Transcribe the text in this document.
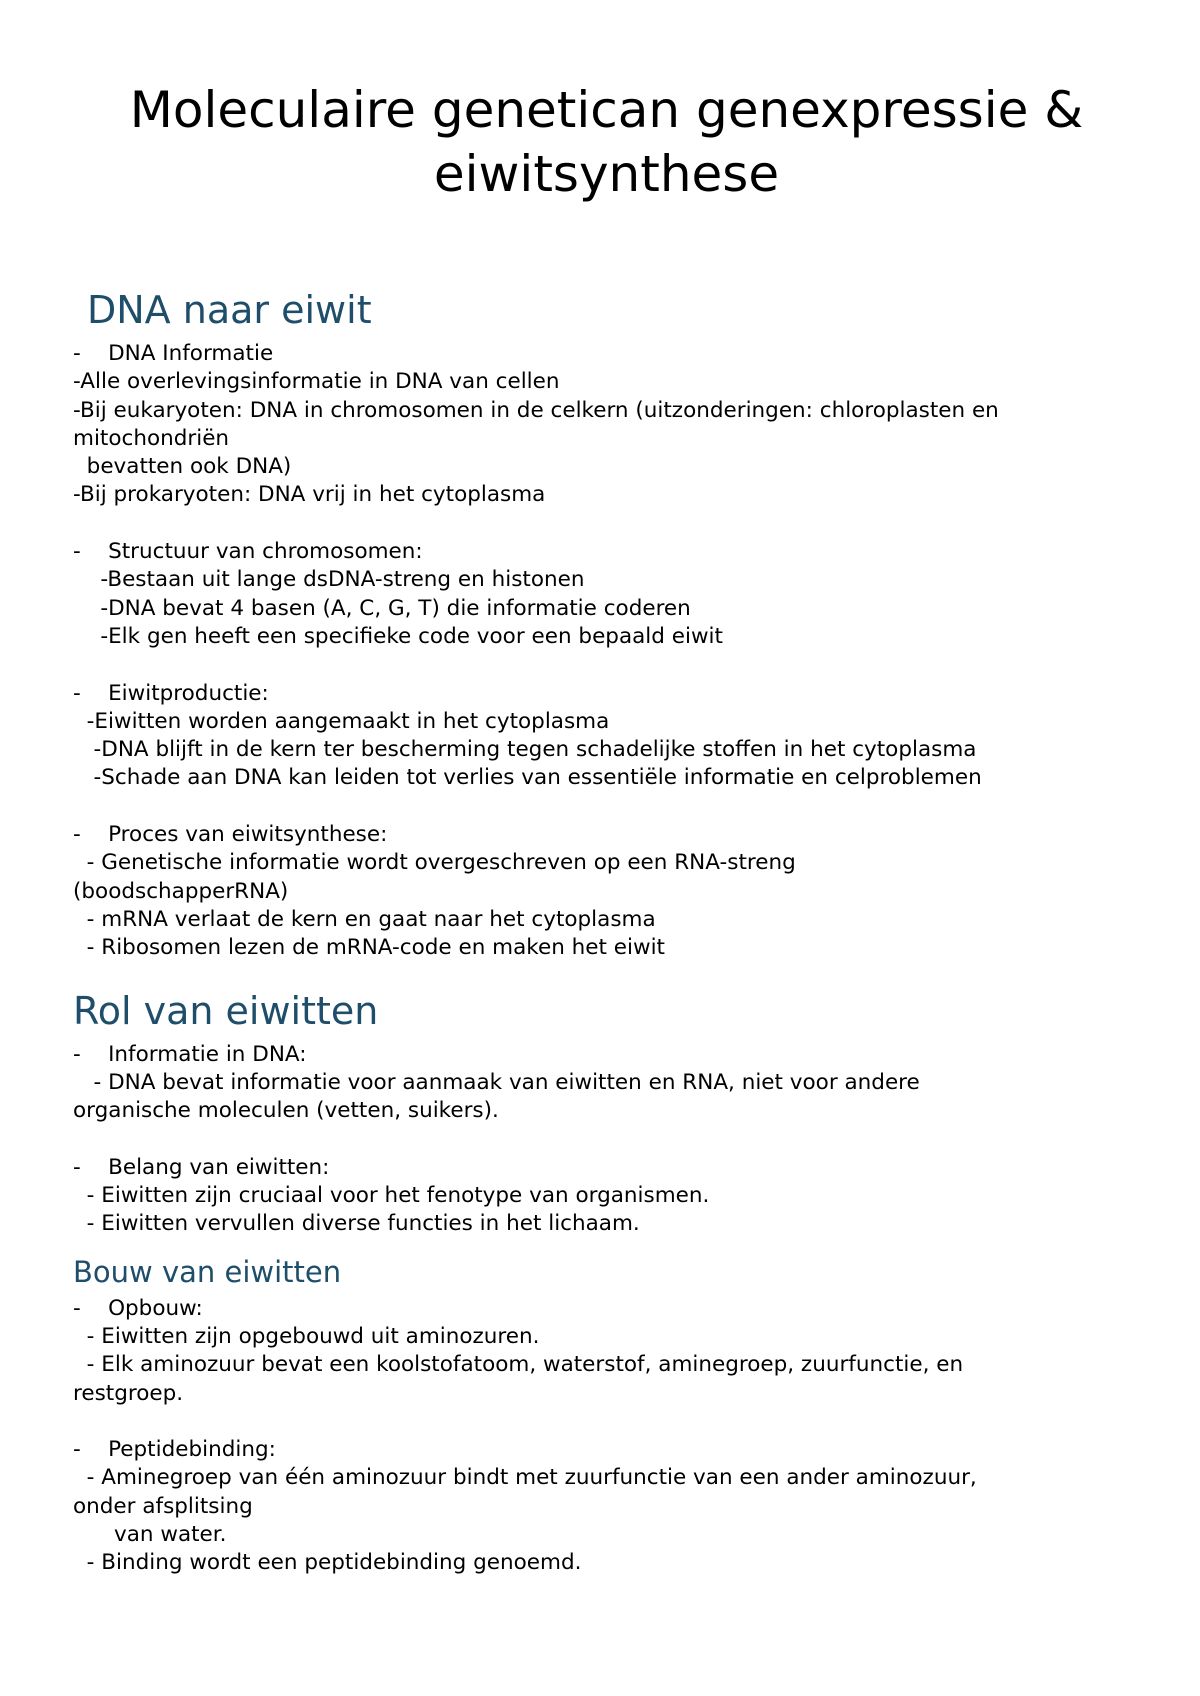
Moleculaire genetican genexpressie &
eiwitsynthese
DNA naar eiwit

-    DNA Informatie

-Alle overlevingsinformatie in DNA van cellen

-Bij eukaryoten: DNA in chromosomen in de celkern (uitzonderingen: chloroplasten en

mitochondriën

bevatten ook DNA)

-Bij prokaryoten: DNA vrij in het cytoplasma

-    Structuur van chromosomen:

-Bestaan uit lange dsDNA-streng en histonen

-DNA bevat 4 basen (A, C, G, T) die informatie coderen

-Elk gen heeft een specifieke code voor een bepaald eiwit

-    Eiwitproductie:

-Eiwitten worden aangemaakt in het cytoplasma

-DNA blijft in de kern ter bescherming tegen schadelijke stoffen in het cytoplasma

-Schade aan DNA kan leiden tot verlies van essentiële informatie en celproblemen

-    Proces van eiwitsynthese:

- Genetische informatie wordt overgeschreven op een RNA-streng

(boodschapperRNA)

- mRNA verlaat de kern en gaat naar het cytoplasma

- Ribosomen lezen de mRNA-code en maken het eiwit

Rol van eiwitten

-    Informatie in DNA:

- DNA bevat informatie voor aanmaak van eiwitten en RNA, niet voor andere

organische moleculen (vetten, suikers).

-    Belang van eiwitten:

- Eiwitten zijn cruciaal voor het fenotype van organismen.

- Eiwitten vervullen diverse functies in het lichaam.

Bouw van eiwitten

-    Opbouw:

- Eiwitten zijn opgebouwd uit aminozuren.

- Elk aminozuur bevat een koolstofatoom, waterstof, aminegroep, zuurfunctie, en

restgroep.

-    Peptidebinding:

- Aminegroep van één aminozuur bindt met zuurfunctie van een ander aminozuur,

onder afsplitsing

van water.

- Binding wordt een peptidebinding genoemd.
